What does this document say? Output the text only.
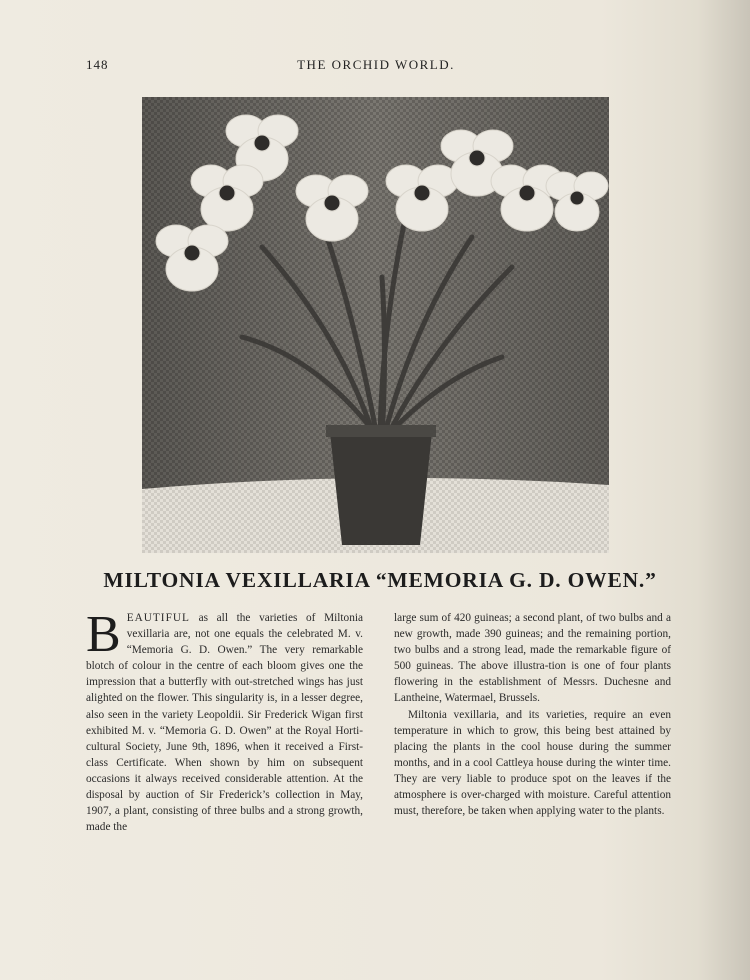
148	THE ORCHID WORLD.
MILTONIA VEXILLARIA “MEMORIA G. D. OWEN.”

BEAUTIFUL as all the varieties of Miltonia vexillaria are, not one equals the celebrated M. v. “Memoria G. D. Owen.” The very remarkable blotch of colour in the centre of each bloom gives one the impression that a butterfly with out-stretched wings has just alighted on the flower. This singularity is, in a lesser degree, also seen in the variety Leopoldii. Sir Frederick Wigan first exhibited M. v. “Memoria G. D. Owen” at the Royal Horti-cultural Society, June 9th, 1896, when it received a First-class Certificate. When shown by him on subsequent occasions it always received considerable attention. At the disposal by auction of Sir Frederick’s collection in May, 1907, a plant, consisting of three bulbs and a strong growth, made the

large sum of 420 guineas; a second plant, of two bulbs and a new growth, made 390 guineas; and the remaining portion, two bulbs and a strong lead, made the remarkable figure of 500 guineas. The above illustra-tion is one of four plants flowering in the establishment of Messrs. Duchesne and Lantheine, Watermael, Brussels.

Miltonia vexillaria, and its varieties, require an even temperature in which to grow, this being best attained by placing the plants in the cool house during the summer months, and in a cool Cattleya house during the winter time. They are very liable to produce spot on the leaves if the atmosphere is over-charged with moisture. Careful attention must, therefore, be taken when applying water to the plants.
